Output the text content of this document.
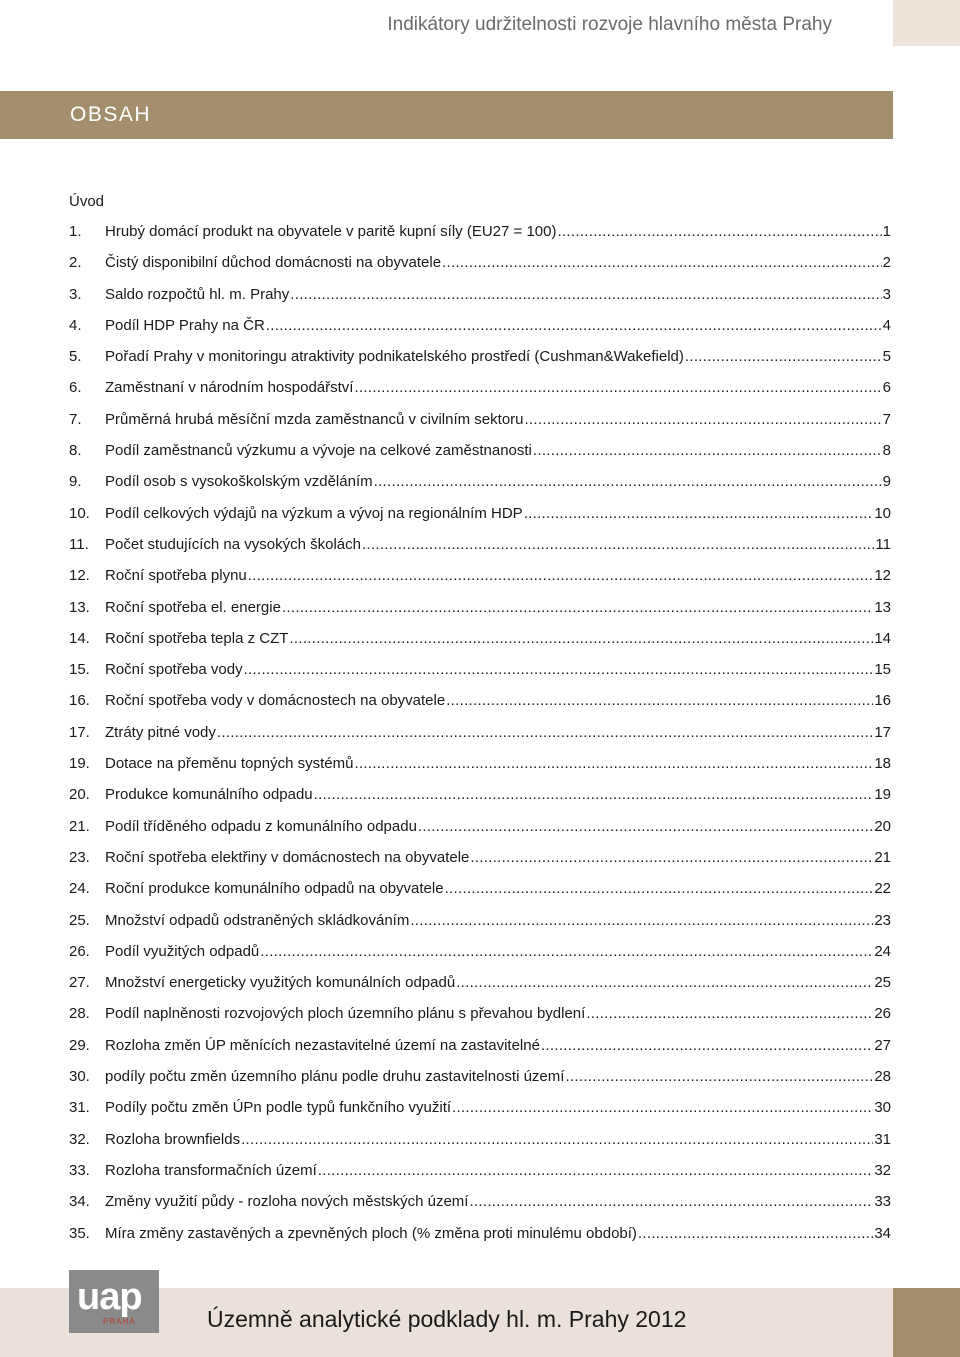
Indikátory udržitelnosti rozvoje hlavního města Prahy
OBSAH
Úvod
1.	Hrubý domácí produkt na obyvatele v paritě kupní síly (EU27 = 100) .....	1
2.	Čistý disponibilní důchod domácnosti na obyvatele .....	2
3.	Saldo rozpočtů hl. m. Prahy .....	3
4.	Podíl HDP Prahy na ČR .....	4
5.	Pořadí Prahy v monitoringu atraktivity podnikatelského prostředí (Cushman&Wakefield) .....	5
6.	Zaměstnaní v národním hospodářství .....	6
7.	Průměrná hrubá měsíční mzda zaměstnanců v civilním sektoru .....	7
8.	Podíl zaměstnanců výzkumu a vývoje na celkové zaměstnanosti .....	8
9.	Podíl osob s vysokoškolským vzděláním .....	9
10.	Podíl celkových výdajů na výzkum a vývoj na regionálním HDP .....	10
11.	Počet studujících na vysokých školách .....	11
12.	Roční spotřeba plynu .....	12
13.	Roční spotřeba el. energie .....	13
14.	Roční spotřeba tepla z CZT .....	14
15.	Roční spotřeba vody .....	15
16.	Roční spotřeba vody v domácnostech na obyvatele .....	16
17.	Ztráty pitné vody .....	17
19.	Dotace na přeměnu topných systémů .....	18
20.	Produkce komunálního odpadu .....	19
21.	Podíl tříděného odpadu z komunálního odpadu .....	20
23.	Roční spotřeba elektřiny v domácnostech na obyvatele .....	21
24.	Roční produkce komunálního odpadů na obyvatele .....	22
25.	Množství odpadů odstraněných skládkováním .....	23
26.	Podíl využitých odpadů .....	24
27.	Množství energeticky využitých komunálních odpadů .....	25
28.	Podíl naplněnosti rozvojových ploch územního plánu s převahou bydlení .....	26
29.	Rozloha změn ÚP měnících nezastavitelné území na zastavitelné .....	27
30.	podíly počtu změn územního plánu podle druhu zastavitelnosti území .....	28
31.	Podíly počtu změn ÚPn podle typů funkčního využití .....	30
32.	Rozloha brownfields .....	31
33.	Rozloha transformačních území .....	32
34.	Změny využití půdy - rozloha nových městských území .....	33
35.	Míra změny zastavěných a zpevněných ploch (% změna proti minulému období) .....	34
uap
PRAHA	Územně analytické podklady hl. m. Prahy 2012
